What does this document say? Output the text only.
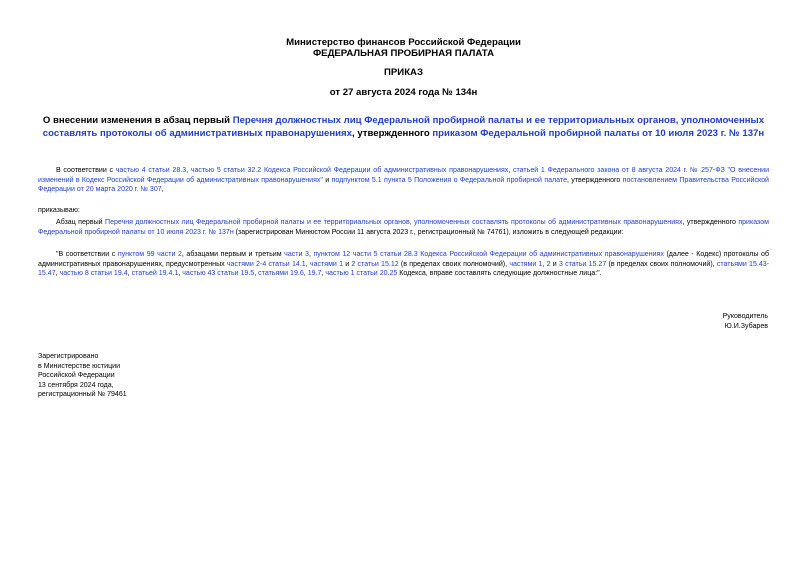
Министерство финансов Российской Федерации
ФЕДЕРАЛЬНАЯ ПРОБИРНАЯ ПАЛАТА
ПРИКАЗ
от 27 августа 2024 года № 134н
О внесении изменения в абзац первый Перечня должностных лиц Федеральной пробирной палаты и ее территориальных органов, уполномоченных составлять протоколы об административных правонарушениях, утвержденного приказом Федеральной пробирной палаты от 10 июля 2023 г. № 137н
В соответствии с частью 4 статьи 28.3, частью 5 статьи 32.2 Кодекса Российской Федерации об административных правонарушениях, статьей 1 Федерального закона от 8 августа 2024 г. № 257-ФЗ "О внесении изменений в Кодекс Российской Федерации об административных правонарушениях" и подпунктом 5.1 пункта 5 Положения о Федеральной пробирной палате, утвержденного постановлением Правительства Российской Федерации от 20 марта 2020 г. № 307,
приказываю:
Абзац первый Перечня должностных лиц Федеральной пробирной палаты и ее территориальных органов, уполномоченных составлять протоколы об административных правонарушениях, утвержденного приказом Федеральной пробирной палаты от 10 июля 2023 г. № 137н (зарегистрирован Минюстом России 11 августа 2023 г., регистрационный № 74761), изложить в следующей редакции:
"В соответствии с пунктом 99 части 2, абзацами первым и третьим части 3, пунктом 12 части 5 статьи 28.3 Кодекса Российской Федерации об административных правонарушениях (далее - Кодекс) протоколы об административных правонарушениях, предусмотренных частями 2-4 статьи 14.1, частями 1 и 2 статьи 15.12 (в пределах своих полномочий), частями 1, 2 и 3 статьи 15.27 (в пределах своих полномочий), статьями 15.43-15.47, частью 8 статьи 19.4, статьей 19.4.1, частью 43 статьи 19.5, статьями 19.6, 19.7, частью 1 статьи 20.25 Кодекса, вправе составлять следующие должностные лица:".
Руководитель
Ю.И.Зубарев
Зарегистрировано
в Министерстве юстиции
Российской Федерации
13 сентября 2024 года,
регистрационный № 79461
